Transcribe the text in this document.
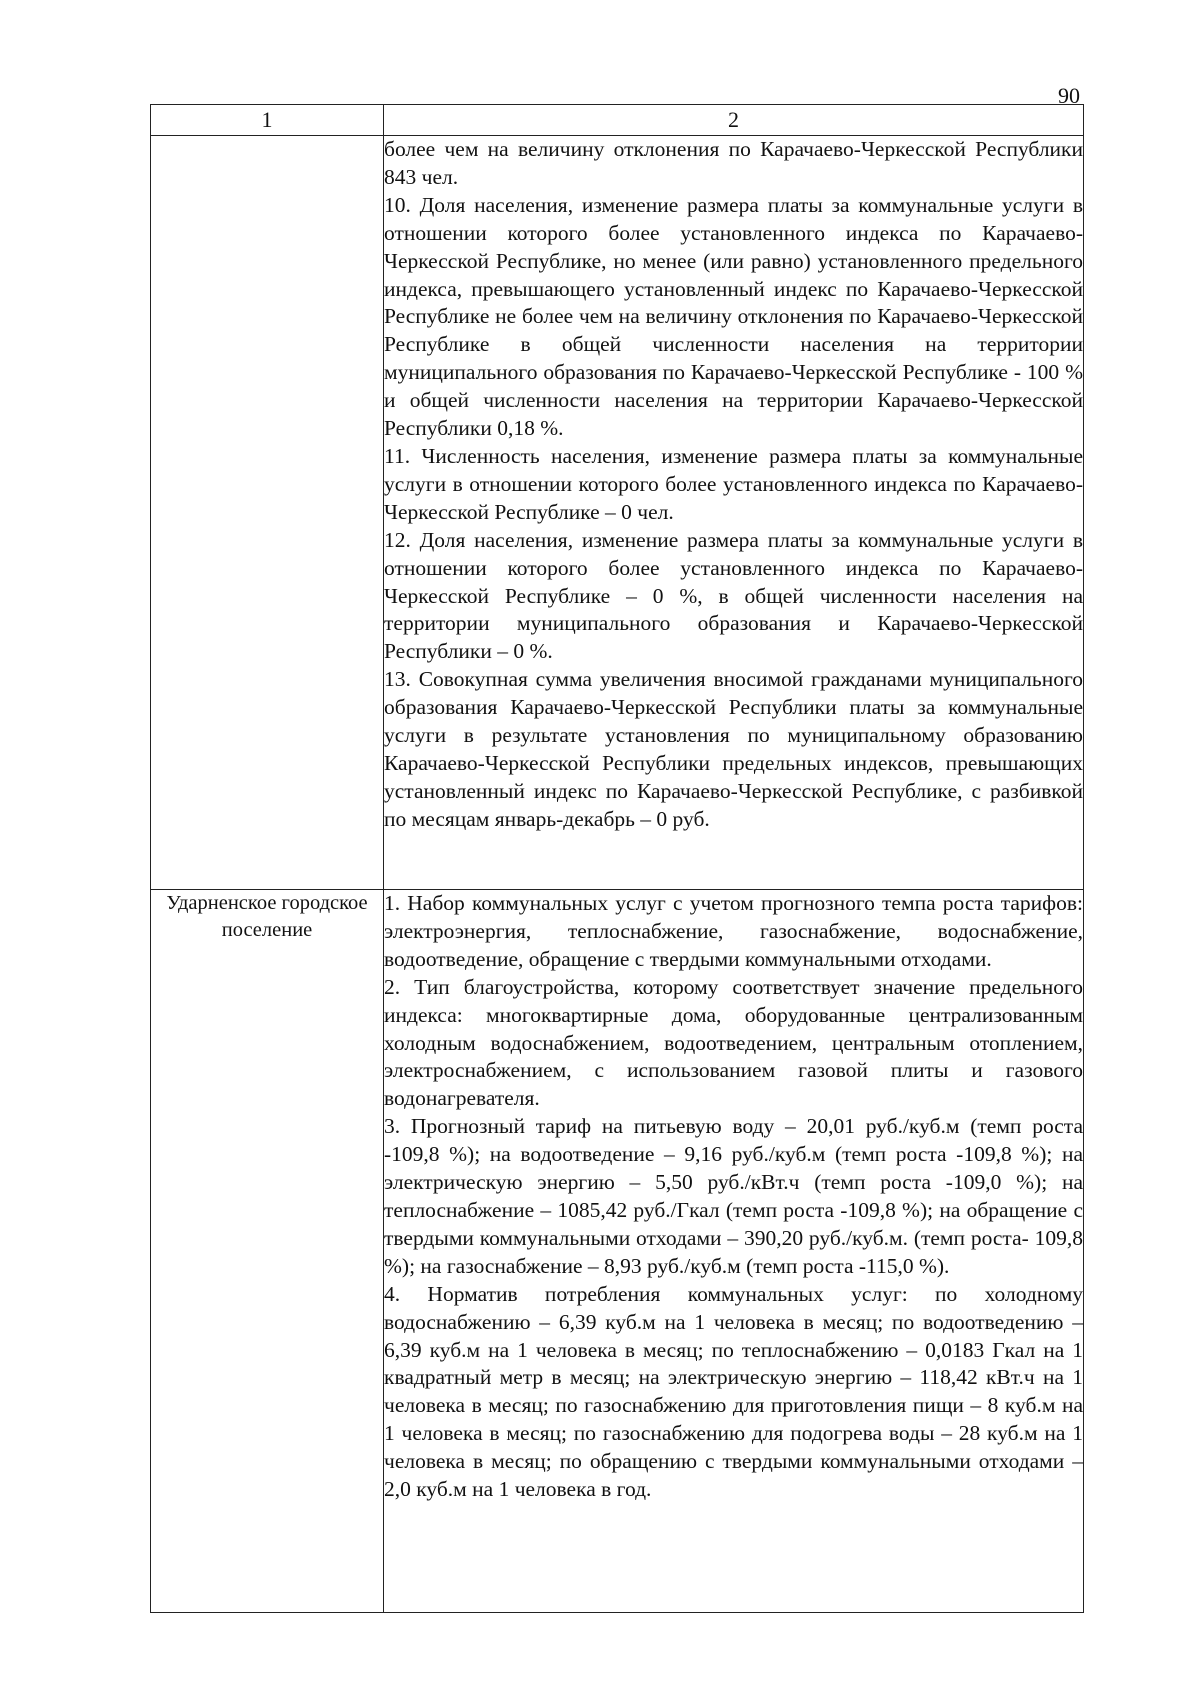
90
1	2

	более чем на величину отклонения по Карачаево-Черкесской Республики 843 чел.

10. Доля населения, изменение размера платы за коммунальные услуги в отношении которого более установленного индекса по Карачаево-Черкесской Республике, но менее (или равно) установленного предельного индекса, превышающего установленный индекс по Карачаево-Черкесской Республике не более чем на величину отклонения по Карачаево-Черкесской Республике в общей численности населения на территории муниципального образования по Карачаево-Черкесской Республике - 100 % и общей численности населения на территории Карачаево-Черкесской Республики 0,18 %.

11. Численность населения, изменение размера платы за коммунальные услуги в отношении которого более установленного индекса по Карачаево-Черкесской Республике – 0 чел.

12. Доля населения, изменение размера платы за коммунальные услуги в отношении которого более установленного индекса по Карачаево-Черкесской Республике – 0 %, в общей численности населения на территории муниципального образования и Карачаево-Черкесской Республики – 0 %.

13. Совокупная сумма увеличения вносимой гражданами муниципального образования Карачаево-Черкесской Республики платы за коммунальные услуги в результате установления по муниципальному образованию Карачаево-Черкесской Республики предельных индексов, превышающих установленный индекс по Карачаево-Черкесской Республике, с разбивкой по месяцам январь-декабрь – 0 руб.

Ударненское городское поселение	1. Набор коммунальных услуг с учетом прогнозного темпа роста тарифов: электроэнергия, теплоснабжение, газоснабжение, водоснабжение, водоотведение, обращение с твердыми коммунальными отходами.

2. Тип благоустройства, которому соответствует значение предельного индекса: многоквартирные дома, оборудованные централизованным холодным водоснабжением, водоотведением, центральным отоплением, электроснабжением, с использованием газовой плиты и газового водонагревателя.

3. Прогнозный тариф на питьевую воду – 20,01 руб./куб.м (темп роста -109,8 %); на водоотведение – 9,16 руб./куб.м (темп роста -109,8 %); на электрическую энергию – 5,50 руб./кВт.ч (темп роста -109,0 %); на теплоснабжение – 1085,42 руб./Гкал (темп роста -109,8 %); на обращение с твердыми коммунальными отходами – 390,20 руб./куб.м. (темп роста- 109,8 %); на газоснабжение – 8,93 руб./куб.м (темп роста -115,0 %).

4. Норматив потребления коммунальных услуг: по холодному водоснабжению – 6,39 куб.м на 1 человека в месяц; по водоотведению – 6,39 куб.м на 1 человека в месяц; по теплоснабжению – 0,0183 Гкал на 1 квадратный метр в месяц; на электрическую энергию – 118,42 кВт.ч на 1 человека в месяц; по газоснабжению для приготовления пищи – 8 куб.м на 1 человека в месяц; по газоснабжению для подогрева воды – 28 куб.м на 1 человека в месяц; по обращению с твердыми коммунальными отходами – 2,0 куб.м на 1 человека в год.
